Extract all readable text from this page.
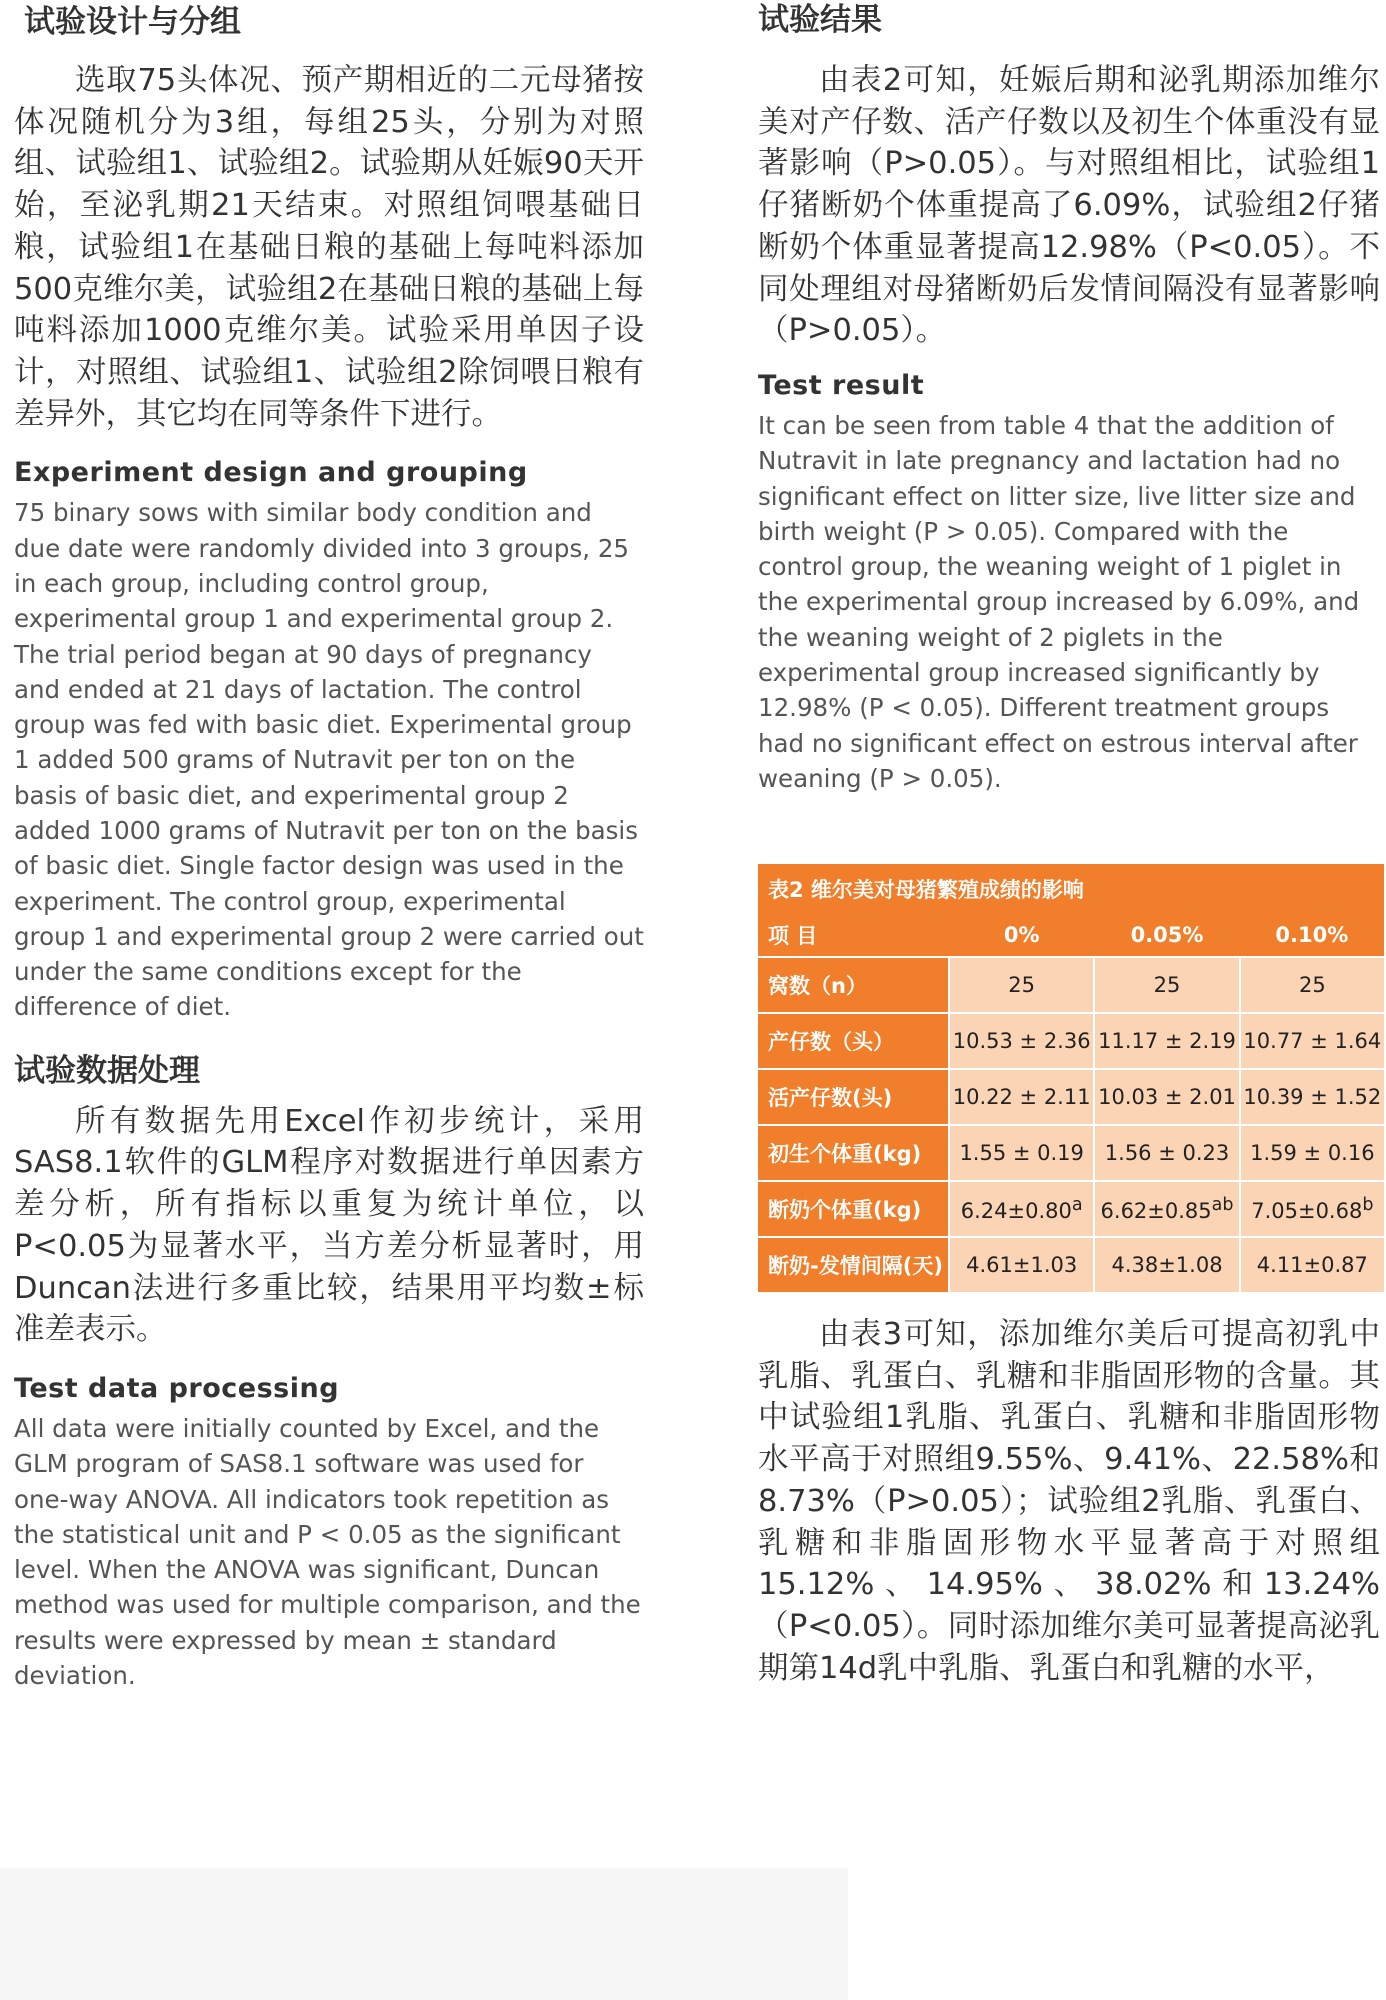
试验设计与分组

选取75头体况、预产期相近的二元母猪按体况随机分为3组，每组25头，分别为对照组、试验组1、试验组2。试验期从妊娠90天开始，至泌乳期21天结束。对照组饲喂基础日粮，试验组1在基础日粮的基础上每吨料添加500克维尔美，试验组2在基础日粮的基础上每吨料添加1000克维尔美。试验采用单因子设计，对照组、试验组1、试验组2除饲喂日粮有差异外，其它均在同等条件下进行。

Experiment design and grouping

75 binary sows with similar body condition and due date were randomly divided into 3 groups, 25 in each group, including control group, experimental group 1 and experimental group 2. The trial period began at 90 days of pregnancy and ended at 21 days of lactation. The control group was fed with basic diet. Experimental group 1 added 500 grams of Nutravit per ton on the basis of basic diet, and experimental group 2 added 1000 grams of Nutravit per ton on the basis of basic diet. Single factor design was used in the experiment. The control group, experimental group 1 and experimental group 2 were carried out under the same conditions except for the difference of diet.

试验数据处理

所有数据先用Excel作初步统计，采用SAS8.1软件的GLM程序对数据进行单因素方差分析，所有指标以重复为统计单位，以P<0.05为显著水平，当方差分析显著时，用Duncan法进行多重比较，结果用平均数±标准差表示。

Test data processing

All data were initially counted by Excel, and the GLM program of SAS8.1 software was used for one-way ANOVA. All indicators took repetition as the statistical unit and P < 0.05 as the significant level. When the ANOVA was significant, Duncan method was used for multiple comparison, and the results were expressed by mean ± standard deviation.

试验结果

由表2可知，妊娠后期和泌乳期添加维尔美对产仔数、活产仔数以及初生个体重没有显著影响（P>0.05）。与对照组相比，试验组1仔猪断奶个体重提高了6.09%，试验组2仔猪断奶个体重显著提高12.98%（P<0.05）。不同处理组对母猪断奶后发情间隔没有显著影响（P>0.05）。

Test result

It can be seen from table 4 that the addition of Nutravit in late pregnancy and lactation had no significant effect on litter size, live litter size and birth weight (P > 0.05). Compared with the control group, the weaning weight of 1 piglet in the experimental group increased by 6.09%, and the weaning weight of 2 piglets in the experimental group increased significantly by 12.98% (P < 0.05). Different treatment groups had no significant effect on estrous interval after weaning (P > 0.05).

表2 维尔美对母猪繁殖成绩的影响			
项 目	0%	0.05%	0.10%
窝数（n）	25	25	25
产仔数（头）	10.53 ± 2.36	11.17 ± 2.19	10.77 ± 1.64
活产仔数(头)	10.22 ± 2.11	10.03 ± 2.01	10.39 ± 1.52
初生个体重(kg)	1.55 ± 0.19	1.56 ± 0.23	1.59 ± 0.16
断奶个体重(kg)	6.24±0.80$^a$	6.62±0.85$^{ab}$	7.05±0.68$^b$
断奶-发情间隔(天)	4.61±1.03	4.38±1.08	4.11±0.87

由表3可知，添加维尔美后可提高初乳中乳脂、乳蛋白、乳糖和非脂固形物的含量。其中试验组1乳脂、乳蛋白、乳糖和非脂固形物水平高于对照组9.55%、9.41%、22.58%和8.73%（P>0.05）；试验组2乳脂、乳蛋白、乳糖和非脂固形物水平显著高于对照组15.12%、14.95%、38.02%和13.24%（P<0.05）。同时添加维尔美可显著提高泌乳期第14d乳中乳脂、乳蛋白和乳糖的水平，
